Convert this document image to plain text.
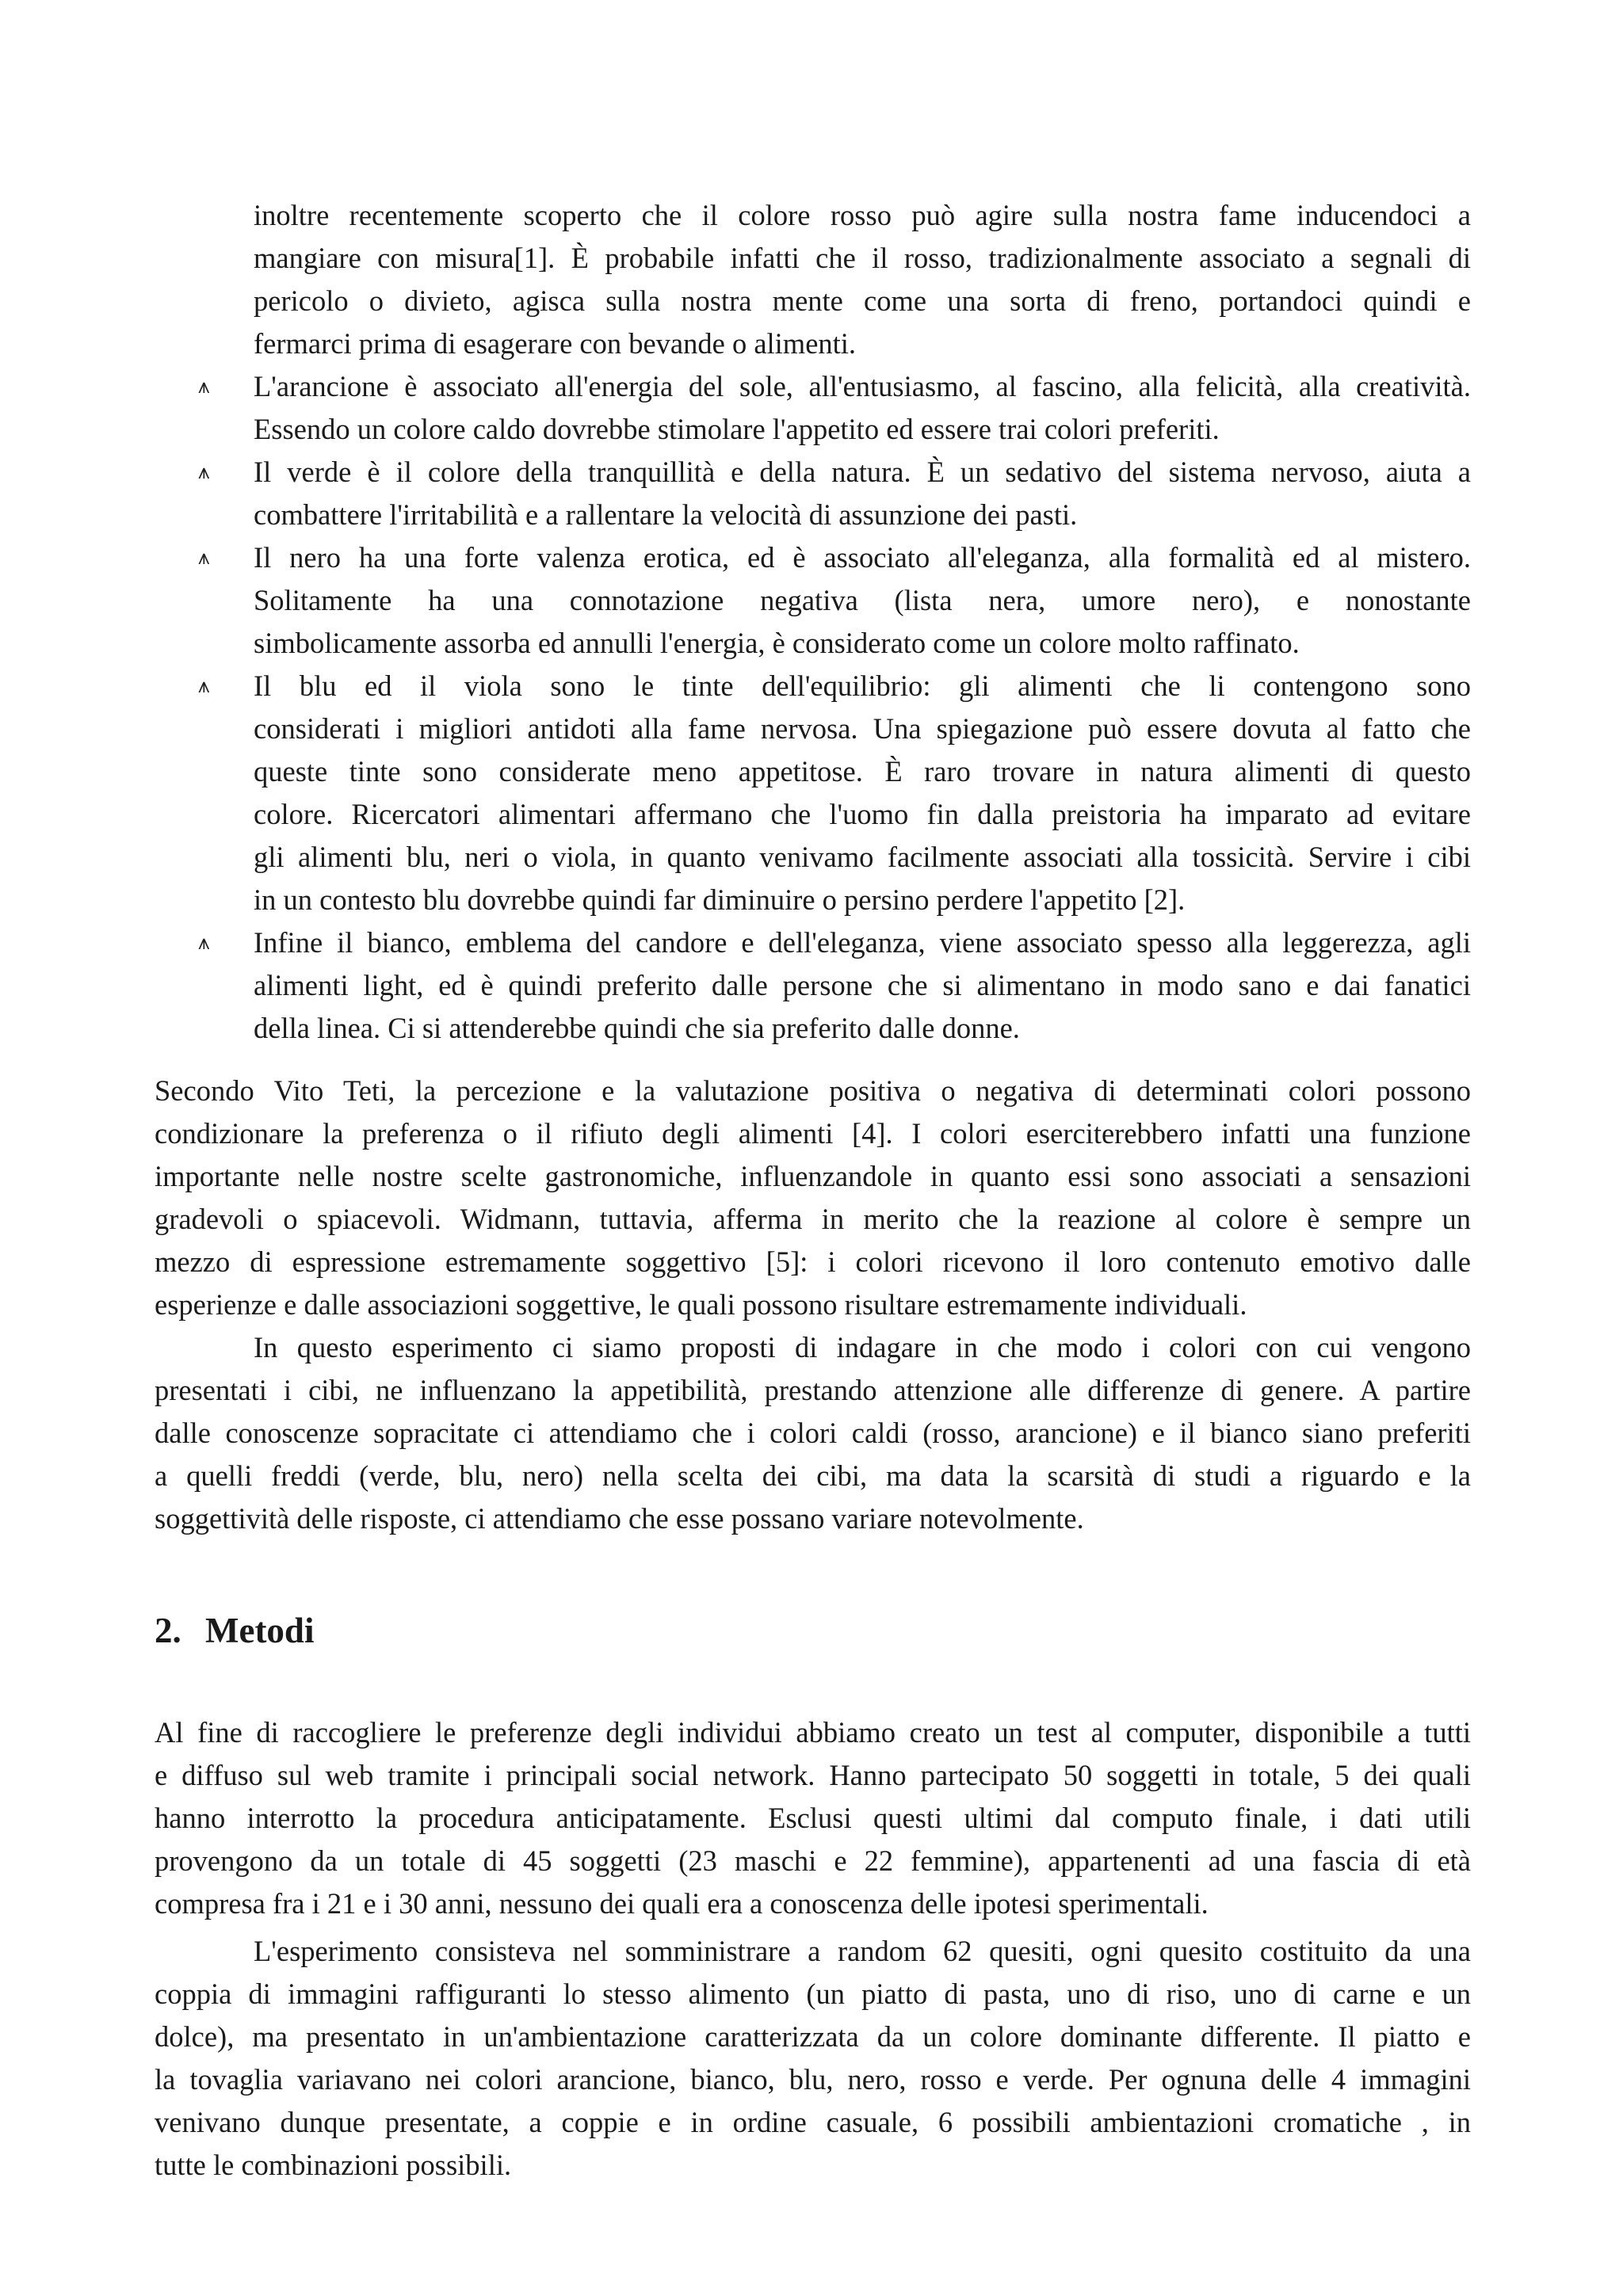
inoltre recentemente scoperto che il colore rosso può agire sulla nostra fame inducendoci a
mangiare con misura[1]. È probabile infatti che il rosso, tradizionalmente associato a segnali di
pericolo o divieto, agisca sulla nostra mente come una sorta di freno, portandoci quindi e
fermarci prima di esagerare con bevande o alimenti.
⩚	L'arancione è associato all'energia del sole, all'entusiasmo, al fascino, alla felicità, alla creatività.
Essendo un colore caldo dovrebbe stimolare l'appetito ed essere trai colori preferiti.
⩚	Il verde è il colore della tranquillità e della natura. È un sedativo del sistema nervoso, aiuta a
combattere l'irritabilità e a rallentare la velocità di assunzione dei pasti.
⩚	Il nero ha una forte valenza erotica, ed è associato all'eleganza, alla formalità ed al mistero.
Solitamente ha una connotazione negativa (lista nera, umore nero), e nonostante
simbolicamente assorba ed annulli l'energia, è considerato come un colore molto raffinato.
⩚	Il blu ed il viola sono le tinte dell'equilibrio: gli alimenti che li contengono sono
considerati i migliori antidoti alla fame nervosa. Una spiegazione può essere dovuta al fatto che
queste tinte sono considerate meno appetitose. È raro trovare in natura alimenti di questo
colore. Ricercatori alimentari affermano che l'uomo fin dalla preistoria ha imparato ad evitare
gli alimenti blu, neri o viola, in quanto venivamo facilmente associati alla tossicità. Servire i cibi
in un contesto blu dovrebbe quindi far diminuire o persino perdere l'appetito [2].
⩚	Infine il bianco, emblema del candore e dell'eleganza, viene associato spesso alla leggerezza, agli
alimenti light, ed è quindi preferito dalle persone che si alimentano in modo sano e dai fanatici
della linea. Ci si attenderebbe quindi che sia preferito dalle donne.
Secondo Vito Teti, la percezione e la valutazione positiva o negativa di determinati colori possono
condizionare la preferenza o il rifiuto degli alimenti [4]. I colori eserciterebbero infatti una funzione
importante nelle nostre scelte gastronomiche, influenzandole in quanto essi sono associati a sensazioni
gradevoli o spiacevoli. Widmann, tuttavia, afferma in merito che la reazione al colore è sempre un
mezzo di espressione estremamente soggettivo [5]: i colori ricevono il loro contenuto emotivo dalle
esperienze e dalle associazioni soggettive, le quali possono risultare estremamente individuali.
In questo esperimento ci siamo proposti di indagare in che modo i colori con cui vengono
presentati i cibi, ne influenzano la appetibilità, prestando attenzione alle differenze di genere. A partire
dalle conoscenze sopracitate ci attendiamo che i colori caldi (rosso, arancione) e il bianco siano preferiti
a quelli freddi (verde, blu, nero) nella scelta dei cibi, ma data la scarsità di studi a riguardo e la
soggettività delle risposte, ci attendiamo che esse possano variare notevolmente.
2. Metodi
Al fine di raccogliere le preferenze degli individui abbiamo creato un test al computer, disponibile a tutti
e diffuso sul web tramite i principali social network. Hanno partecipato 50 soggetti in totale, 5 dei quali
hanno interrotto la procedura anticipatamente. Esclusi questi ultimi dal computo finale, i dati utili
provengono da un totale di 45 soggetti (23 maschi e 22 femmine), appartenenti ad una fascia di età
compresa fra i 21 e i 30 anni, nessuno dei quali era a conoscenza delle ipotesi sperimentali.
L'esperimento consisteva nel somministrare a random 62 quesiti, ogni quesito costituito da una
coppia di immagini raffiguranti lo stesso alimento (un piatto di pasta, uno di riso, uno di carne e un
dolce), ma presentato in un'ambientazione caratterizzata da un colore dominante differente. Il piatto e
la tovaglia variavano nei colori arancione, bianco, blu, nero, rosso e verde. Per ognuna delle 4 immagini
venivano dunque presentate, a coppie e in ordine casuale, 6 possibili ambientazioni cromatiche , in
tutte le combinazioni possibili.
